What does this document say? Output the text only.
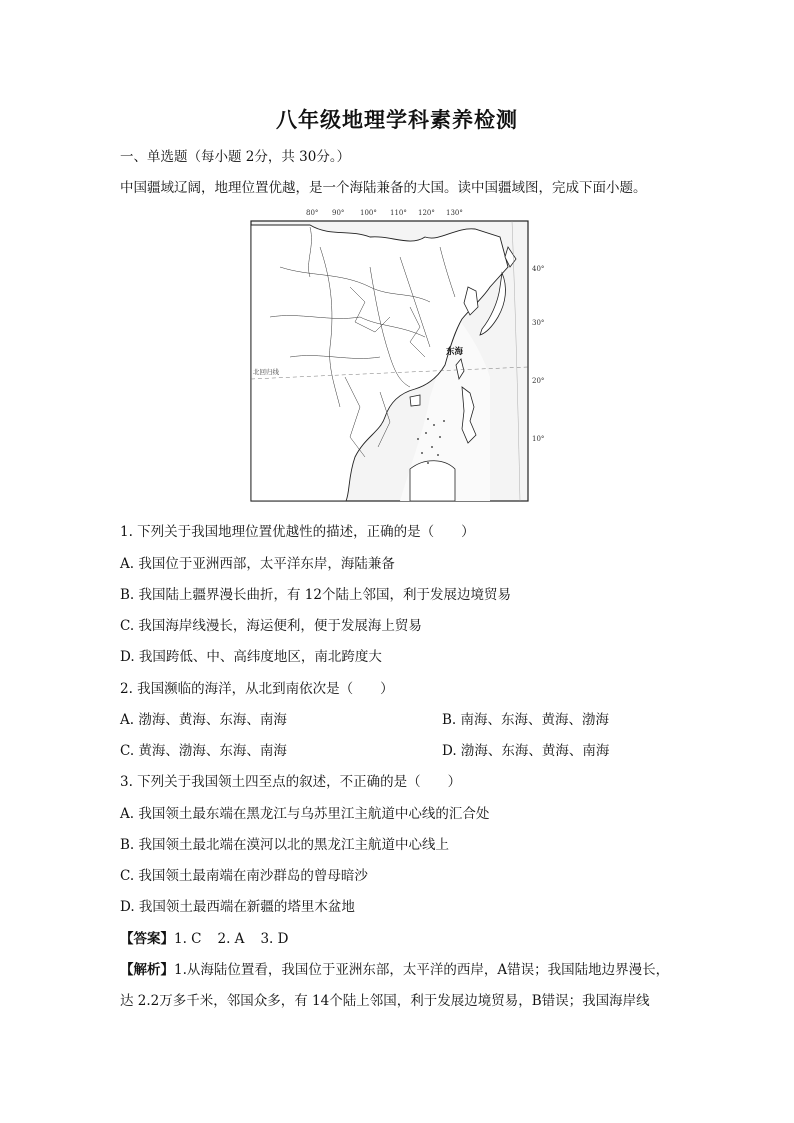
八年级地理学科素养检测
一、单选题（每小题 2分，共 30分。）
中国疆域辽阔，地理位置优越，是一个海陆兼备的大国。读中国疆域图，完成下面小题。
80° 90° 100° 110° 120° 130°
40°
30°
20°
10°
东海
北回归线
1. 下列关于我国地理位置优越性的描述，正确的是（　　）
A. 我国位于亚洲西部，太平洋东岸，海陆兼备
B. 我国陆上疆界漫长曲折，有 12个陆上邻国，利于发展边境贸易
C. 我国海岸线漫长，海运便利，便于发展海上贸易
D. 我国跨低、中、高纬度地区，南北跨度大
2. 我国濒临的海洋，从北到南依次是（　　）
A. 渤海、黄海、东海、南海	B. 南海、东海、黄海、渤海
C. 黄海、渤海、东海、南海	D. 渤海、东海、黄海、南海
3. 下列关于我国领土四至点的叙述，不正确的是（　　）
A. 我国领土最东端在黑龙江与乌苏里江主航道中心线的汇合处
B. 我国领土最北端在漠河以北的黑龙江主航道中心线上
C. 我国领土最南端在南沙群岛的曾母暗沙
D. 我国领土最西端在新疆的塔里木盆地
【答案】1. C 2. A 3. D
【解析】1.从海陆位置看，我国位于亚洲东部，太平洋的西岸，A错误；我国陆地边界漫长，
达 2.2万多千米，邻国众多，有 14个陆上邻国，利于发展边境贸易，B错误；我国海岸线
